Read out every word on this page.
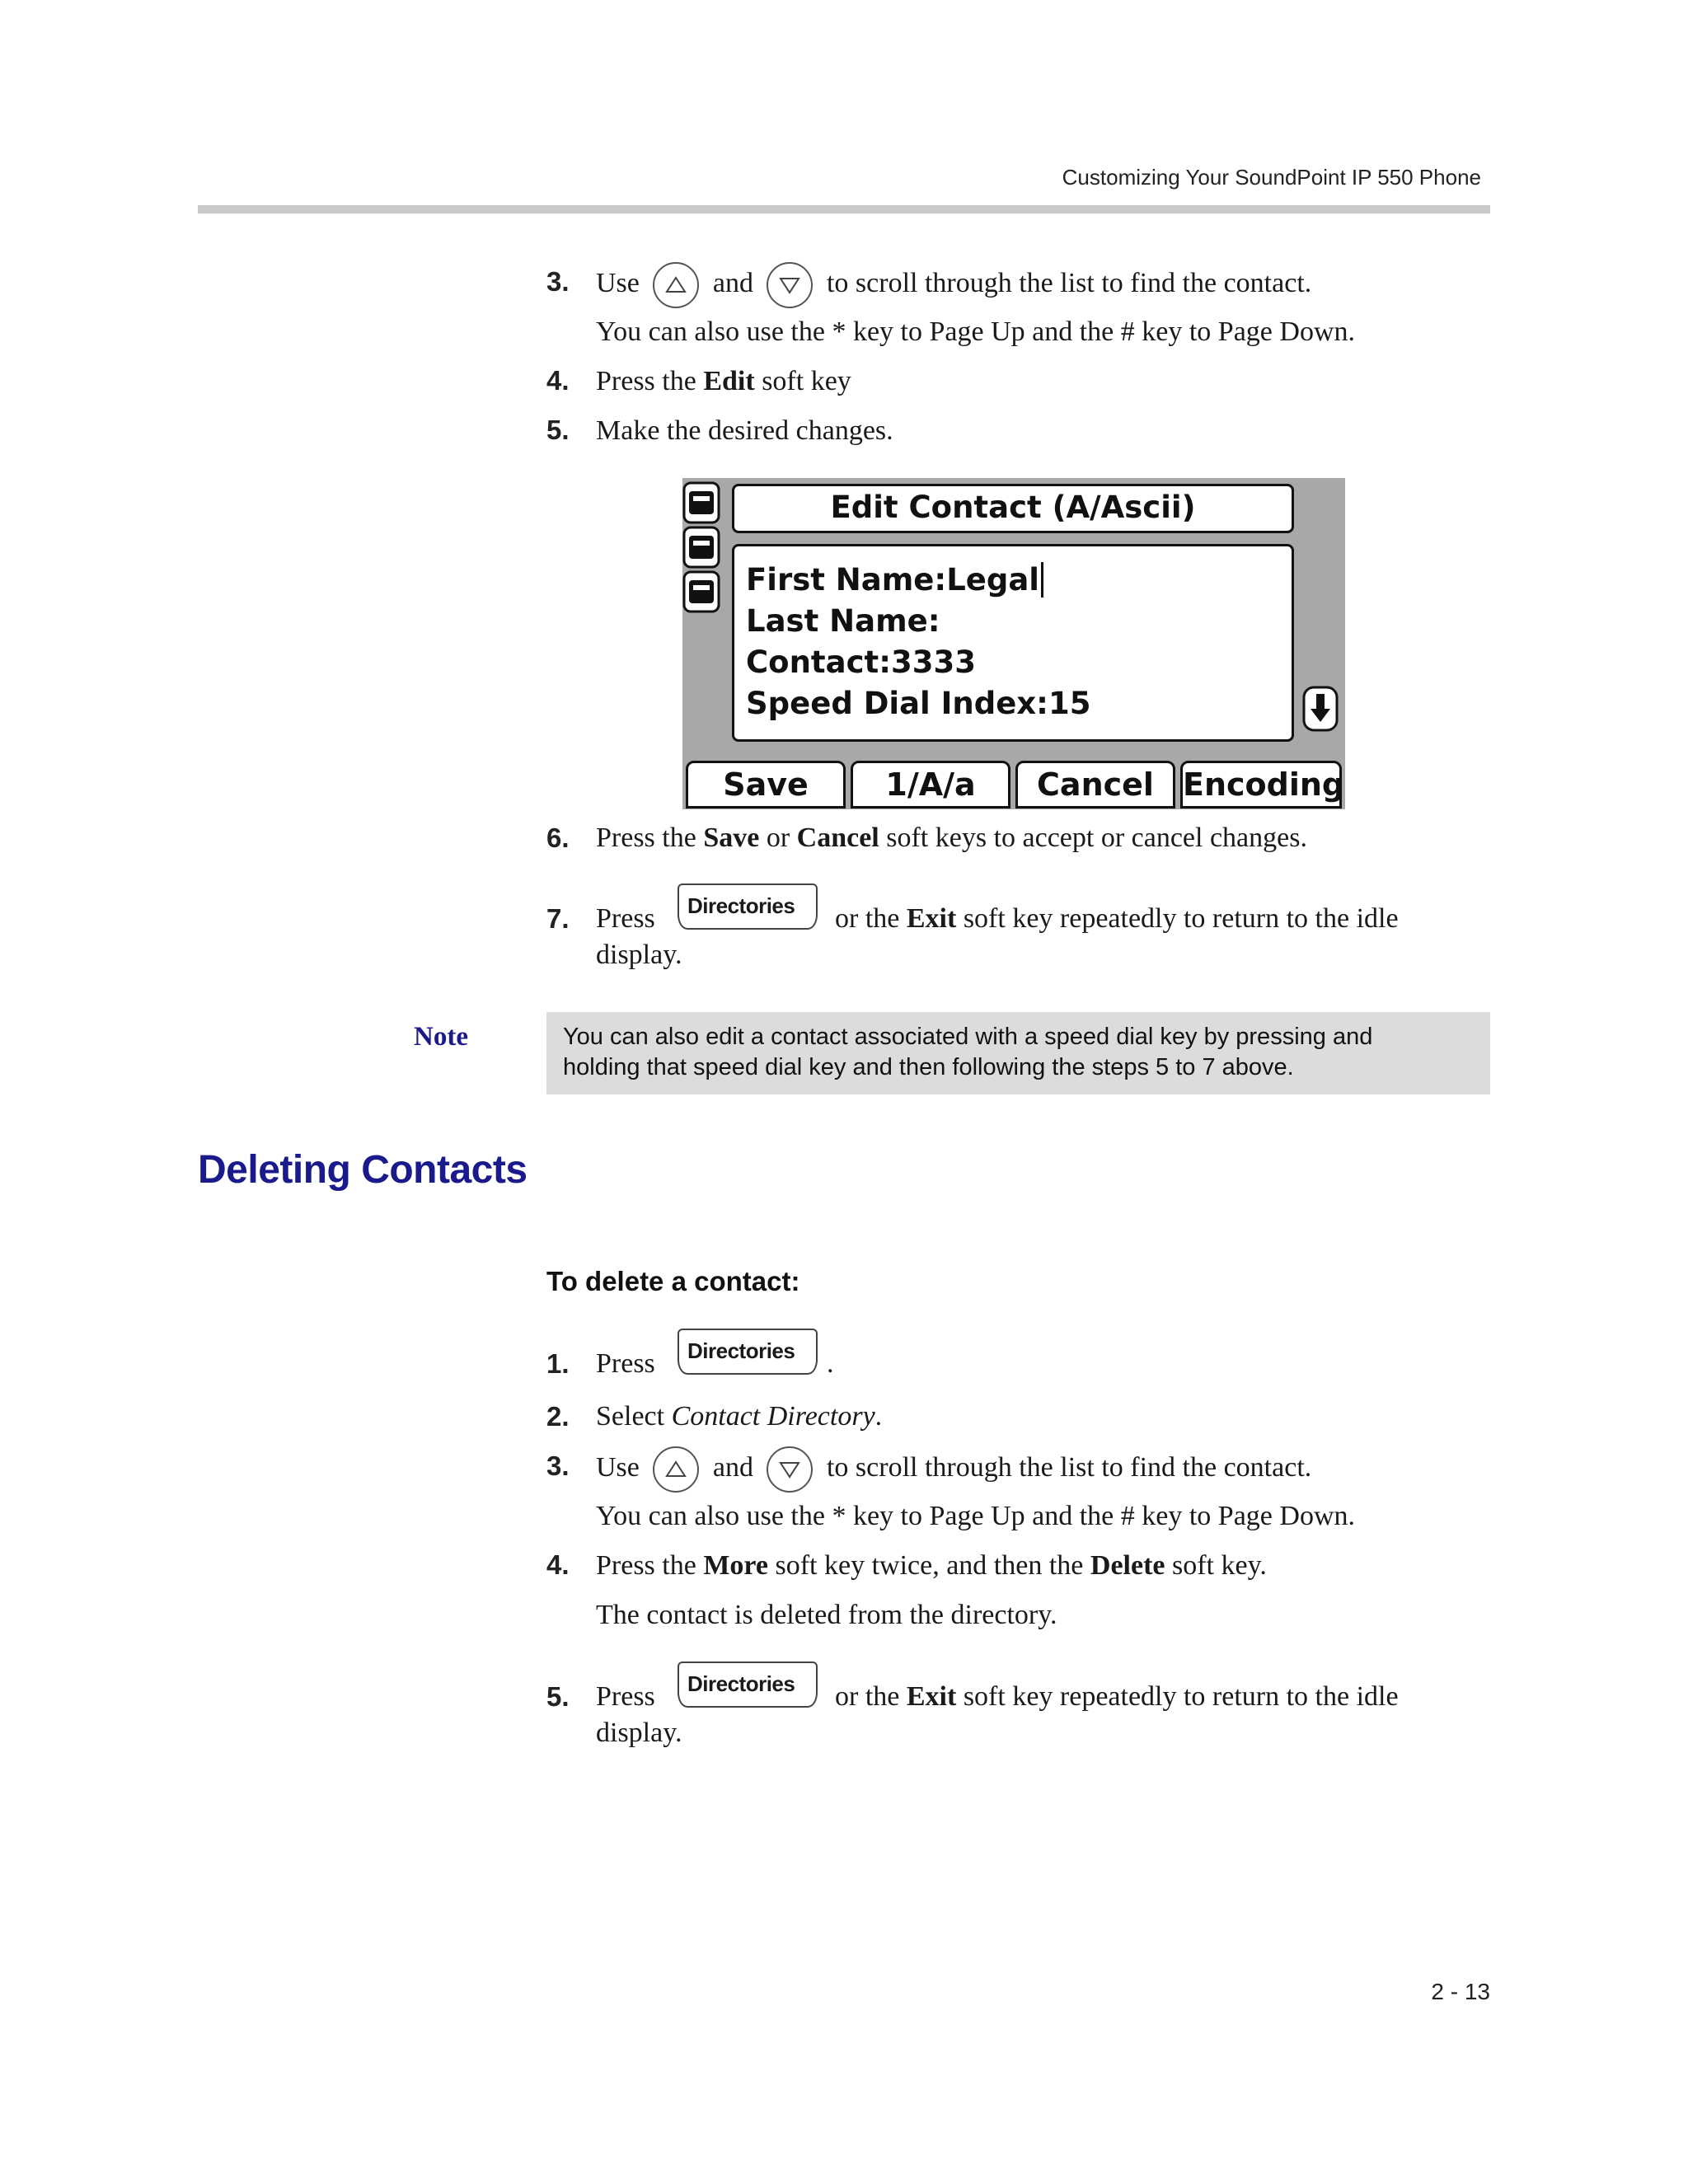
Customizing Your SoundPoint IP 550 Phone
3. Use	and	to scroll through the list to find the contact.
You can also use the * key to Page Up and the # key to Page Down.
4. Press the Edit soft key
5. Make the desired changes.
Edit Contact (A/Ascii)
First Name:Legal
Last Name:
Contact:3333
Speed Dial Index:15
Save	1/A/a	Cancel Encoding
6. Press the Save or Cancel soft keys to accept or cancel changes.
7. Press	Directories	or the Exit soft key repeatedly to return to the idle
display.
Note	You can also edit a contact associated with a speed dial key by pressing and
holding that speed dial key and then following the steps 5 to 7 above.
Deleting Contacts
To delete a contact:
1. Press	Directories	.
2. Select Contact Directory.
3. Use	and	to scroll through the list to find the contact.
You can also use the * key to Page Up and the # key to Page Down.
4. Press the More soft key twice, and then the Delete soft key.
The contact is deleted from the directory.
5. Press	Directories	or the Exit soft key repeatedly to return to the idle
display.
2 - 13
